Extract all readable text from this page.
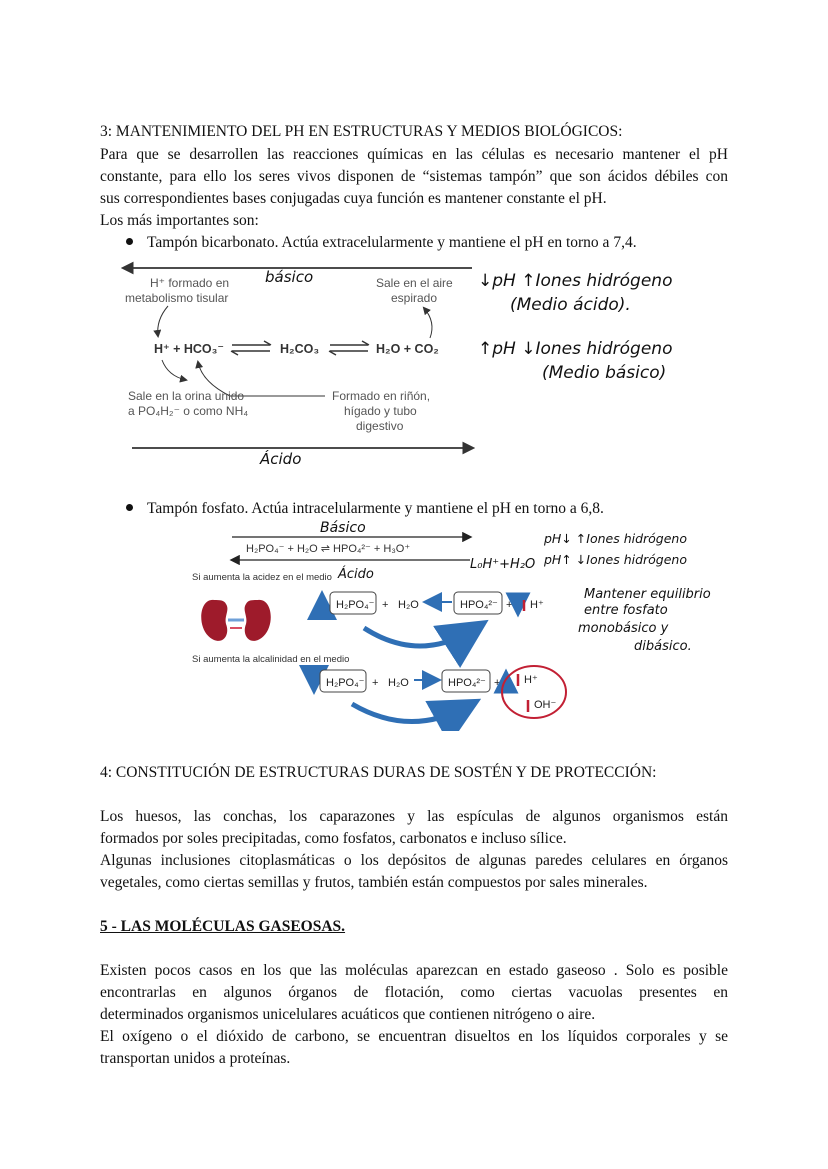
3: MANTENIMIENTO DEL PH EN ESTRUCTURAS Y MEDIOS BIOLÓGICOS:

Para que se desarrollen las reacciones químicas en las células es necesario mantener el pH

constante, para ello los seres vivos disponen de “sistemas tampón” que son ácidos débiles con

sus correspondientes bases conjugadas cuya función es mantener constante el pH.

Los más importantes son:

Tampón bicarbonato. Actúa extracelularmente y mantiene el pH en torno a 7,4.
básico
H⁺ formado en
metabolismo tisular
Sale en el aire
espirado
H⁺ + HCO₃⁻	H₂CO₃	H₂O + CO₂
Sale en la orina unido
a PO₄H₂⁻ o como NH₄
Formado en riñón,
hígado y tubo
digestivo
Ácido
↓pH ↑Iones hidrógeno
(Medio ácido).
↑pH ↓Iones hidrógeno
(Medio básico)
Tampón fosfato. Actúa intracelularmente y mantiene el pH en torno a 6,8.
Básico
H₂PO₄⁻ + H₂O ⇌ HPO₄²⁻ + H₃O⁺
L₀H⁺+H₂O
Si aumenta la acidez en el medio Ácido
H₂PO₄⁻ + H₂O	HPO₄²⁻ + H⁺
Si aumenta la alcalinidad en el medio
H₂PO₄⁻ + H₂O	HPO₄²⁻ + H⁺
OH⁻
pH↓ ↑Iones hidrógeno
pH↑ ↓Iones hidrógeno
Mantener equilibrio
entre fosfato
monobásico y
dibásico.

4: CONSTITUCIÓN DE ESTRUCTURAS DURAS DE SOSTÉN Y DE PROTECCIÓN:

Los huesos, las conchas, los caparazones y las espículas de algunos organismos están

formados por soles precipitadas, como fosfatos, carbonatos e incluso sílice.

Algunas inclusiones citoplasmáticas o los depósitos de algunas paredes celulares en órganos

vegetales, como ciertas semillas y frutos, también están compuestos por sales minerales.

5 - LAS MOLÉCULAS GASEOSAS.

Existen pocos casos en los que las moléculas aparezcan en estado gaseoso . Solo es posible

encontrarlas en algunos órganos de flotación, como ciertas vacuolas presentes en

determinados organismos unicelulares acuáticos que contienen nitrógeno o aire.

El oxígeno o el dióxido de carbono, se encuentran disueltos en los líquidos corporales y se

transportan unidos a proteínas.
